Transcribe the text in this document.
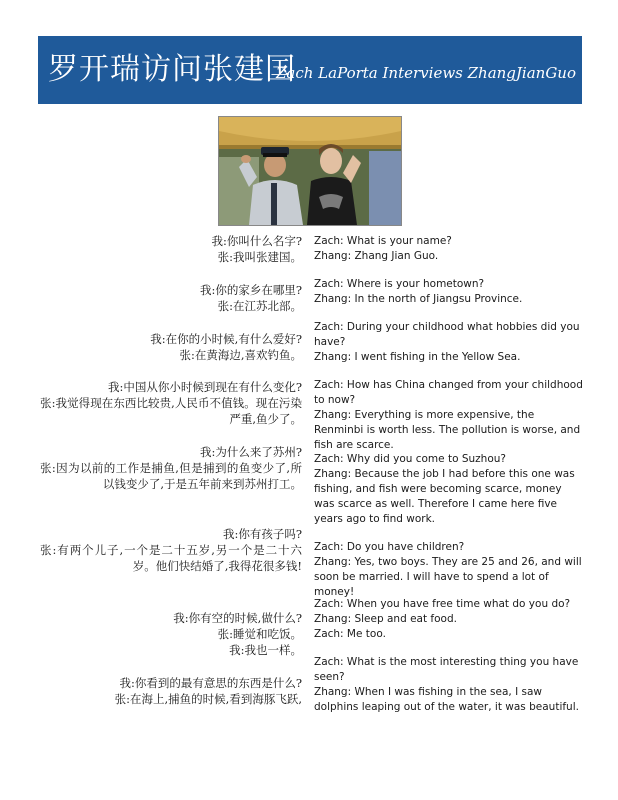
罗开瑞访问张建国
Zach LaPorta Interviews ZhangJianGuo

我:你叫什么名字?

张:我叫张建国。

Zach: What is your name?

Zhang: Zhang Jian Guo.

我:你的家乡在哪里?

张:在江苏北部。

Zach: Where is your hometown?

Zhang: In the north of Jiangsu Province.

我:在你的小时候,有什么爱好?

张:在黄海边,喜欢钓鱼。

Zach: During your childhood what hobbies did you have?

Zhang: I went fishing in the Yellow Sea.

我:中国从你小时候到现在有什么变化?

张:我觉得现在东西比较贵,人民币不值钱。现在污染严重,鱼少了。

Zach: How has China changed from your childhood to now?

Zhang: Everything is more expensive, the Renminbi is worth less. The pollution is worse, and fish are scarce.

我:为什么来了苏州?

张:因为以前的工作是捕鱼,但是捕到的鱼变少了,所以钱变少了,于是五年前来到苏州打工。

Zach: Why did you come to Suzhou?

Zhang: Because the job I had before this one was fishing, and fish were becoming scarce, money was scarce as well. Therefore I came here five years ago to find work.

我:你有孩子吗?

张:有两个儿子,一个是二十五岁,另一个是二十六岁。他们快结婚了,我得花很多钱!

Zach: Do you have children?

Zhang: Yes, two boys. They are 25 and 26, and will soon be married. I will have to spend a lot of money!

我:你有空的时候,做什么?

张:睡觉和吃饭。

我:我也一样。

Zach: When you have free time what do you do?

Zhang: Sleep and eat food.

Zach: Me too.

我:你看到的最有意思的东西是什么?

张:在海上,捕鱼的时候,看到海豚飞跃,

Zach: What is the most interesting thing you have seen?

Zhang: When I was fishing in the sea, I saw dolphins leaping out of the water, it was beautiful.
